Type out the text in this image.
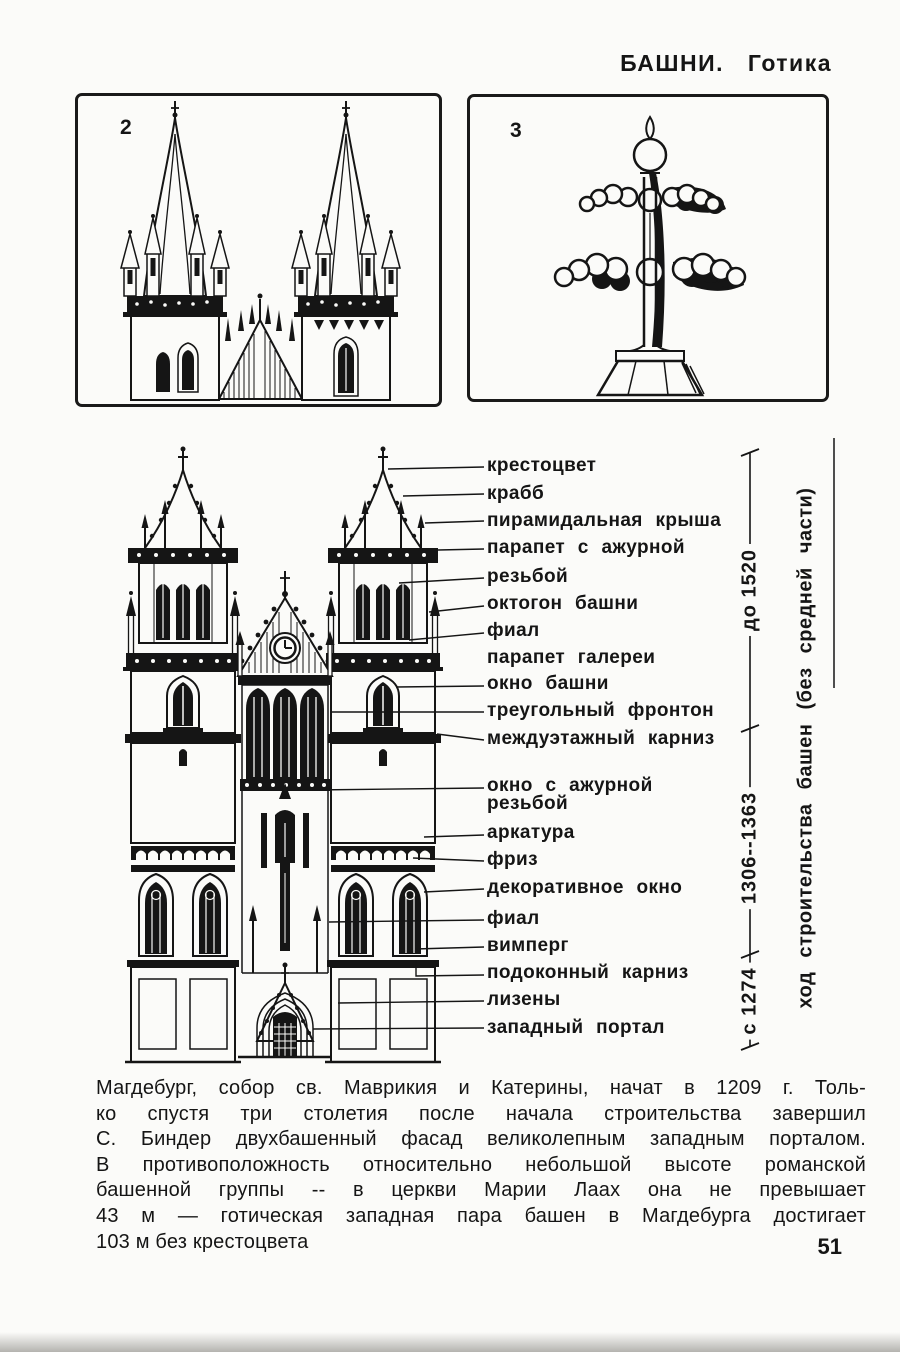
БАШНИ. Готика
2	3
крестоцвет
крабб
пирамидальная крыша
парапет с ажурной
резьбой
октогон башни
фиал
парапет галереи
окно башни
треугольный фронтон
междуэтажный карниз
окно с ажурной
резьбой
аркатура
фриз
декоративное окно
фиал
вимперг
подоконный карниз
лизены
западный портал
до 1520
1306--1363
с 1274 ход строительства башен (без средней части)
Магдебург, собор св. Маврикия и Катерины, начат в 1209 г. Толь-
ко спустя три столетия после начала строительства завершил
С. Биндер двухбашенный фасад великолепным западным порталом.
В противоположность относительно небольшой высоте романской
башенной группы -- в церкви Марии Лаах она не превышает
43 м — готическая западная пара башен в Магдебурга достигает
103 м без крестоцвета	51
